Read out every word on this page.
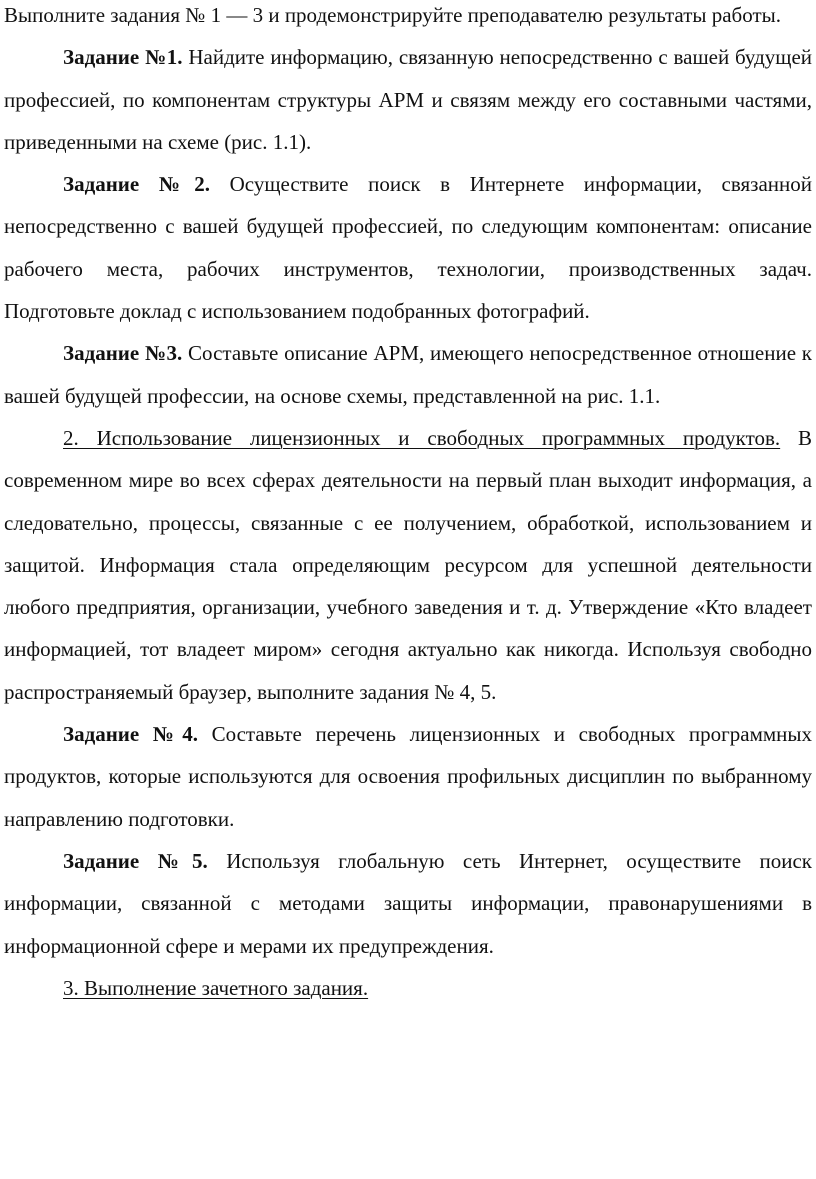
Выполните задания № 1 — 3 и продемонстрируйте преподавателю результаты работы.

Задание №1. Найдите информацию, связанную непосредственно с вашей будущей профессией, по компонентам структуры АРМ и связям между его составными частями, приведенными на схеме (рис. 1.1).

Задание №2. Осуществите поиск в Интернете информации, связанной непосредственно с вашей будущей профессией, по следующим компонентам: описание рабочего места, рабочих инструментов, технологии, производственных задач. Подготовьте доклад с использованием подобранных фотографий.

Задание №3. Составьте описание АРМ, имеющего непосредственное отношение к вашей будущей профессии, на основе схемы, представленной на рис. 1.1.

2. Использование лицензионных и свободных программных продуктов. В современном мире во всех сферах деятельности на первый план выходит информация, а следовательно, процессы, связанные с ее получением, обработкой, использованием и защитой. Информация стала определяющим ресурсом для успешной деятельности любого предприятия, организации, учебного заведения и т. д. Утверждение «Кто владеет информацией, тот владеет миром» сегодня актуально как никогда. Используя свободно распространяемый браузер, выполните задания № 4, 5.

Задание №4. Составьте перечень лицензионных и свободных программных продуктов, которые используются для освоения профильных дисциплин по выбранному направлению подготовки.

Задание №5. Используя глобальную сеть Интернет, осуществите поиск информации, связанной с методами защиты информации, правонарушениями в информационной сфере и мерами их предупреждения.

3. Выполнение зачетного задания.
